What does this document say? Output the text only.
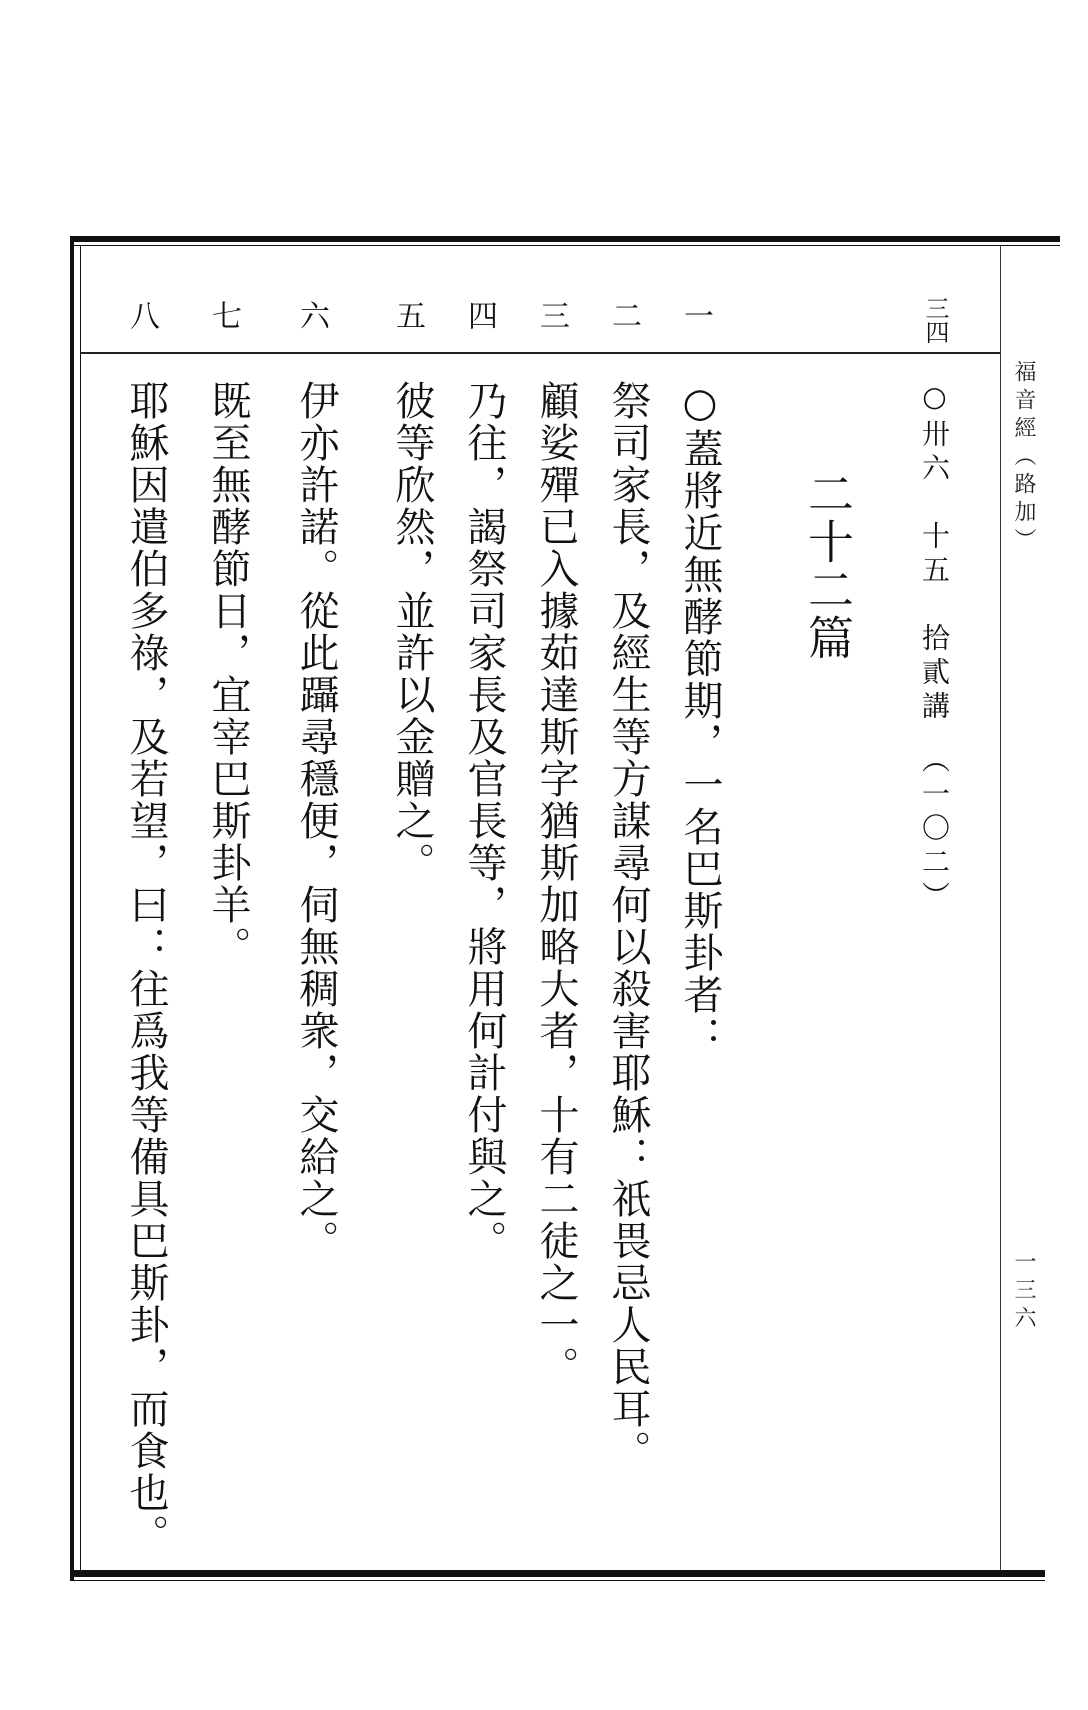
福音經（路加）
一三六
三四
一
二
三
四
五
六
七
八
○卅六　十五　拾貳講　（一〇二）
二十二篇
○蓋將近無酵節期，一名巴斯卦者：
祭司家長，及經生等方謀尋何以殺害耶穌：祇畏忌人民耳。
顧娑殫已入據茹達斯字猶斯加略大者，十有二徒之一。
乃往，謁祭司家長及官長等，將用何計付與之。
彼等欣然，並許以金贈之。
伊亦許諾。從此躡尋穩便，伺無稠衆，交給之。
既至無酵節日，宜宰巴斯卦羊。
耶穌因遣伯多祿，及若望，曰：往爲我等備具巴斯卦，而食也。
